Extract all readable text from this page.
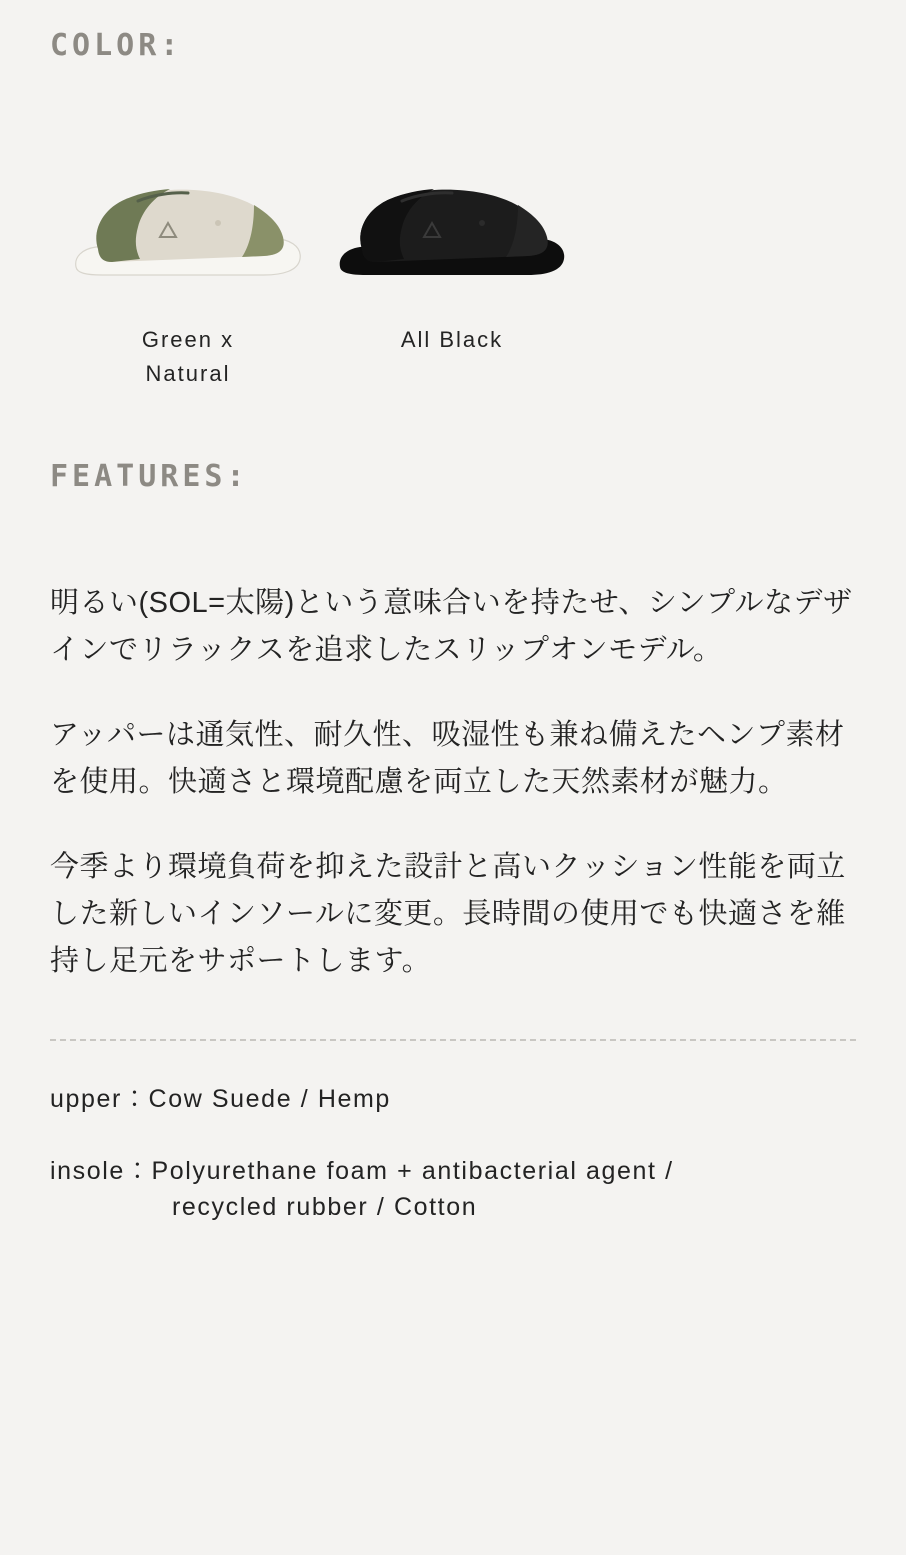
COLOR:
Green x
Natural
All Black
FEATURES:

明るい(SOL=太陽)という意味合いを持たせ、シンプルなデザインでリラックスを追求したスリップオンモデル。

アッパーは通気性、耐久性、吸湿性も兼ね備えたヘンプ素材を使用。快適さと環境配慮を両立した天然素材が魅力。

今季より環境負荷を抑えた設計と高いクッション性能を両立した新しいインソールに変更。長時間の使用でも快適さを維持し足元をサポートします。

upper：Cow Suede / Hemp
insole：Polyurethane foam + antibacterial agent /
recycled rubber / Cotton
